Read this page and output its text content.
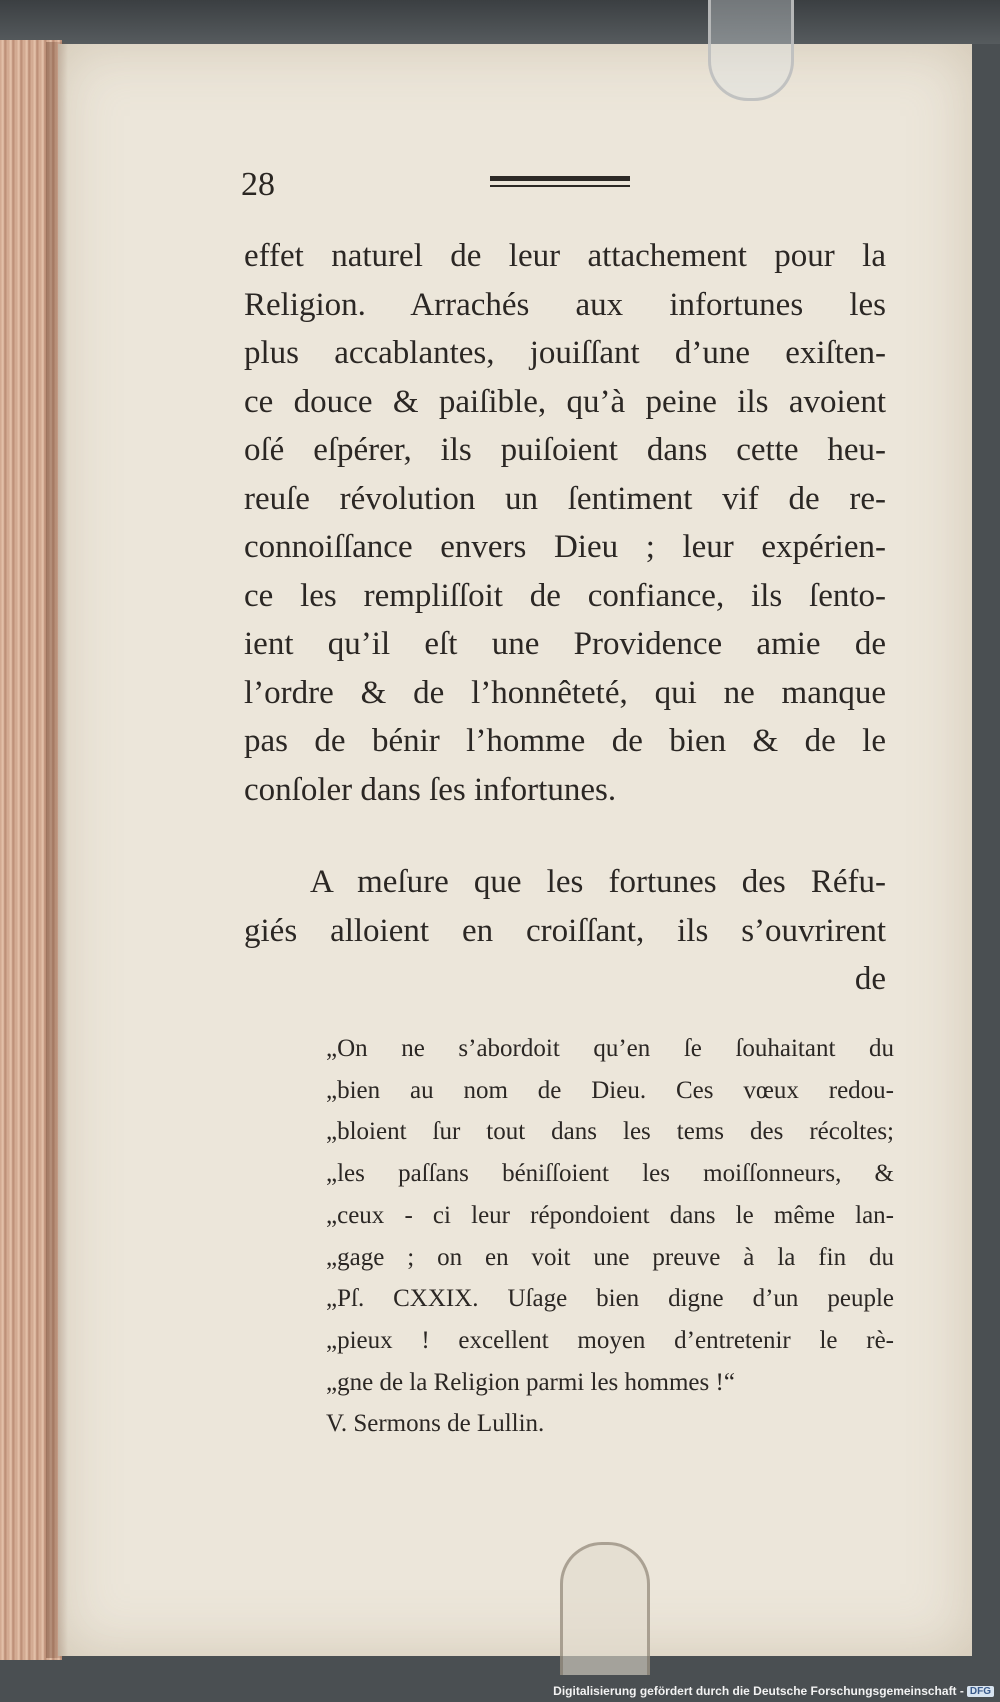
28

effet naturel de leur attachement pour la
Religion. Arrachés aux infortunes les
plus accablantes, jouiſſant d’une exiſten-
ce douce & paiſible, qu’à peine ils avoient
oſé eſpérer, ils puiſoient dans cette heu-
reuſe révolution un ſentiment vif de re-
connoiſſance envers Dieu ; leur expérien-
ce les rempliſſoit de confiance, ils ſento-
ient qu’il eſt une Providence amie de
l’ordre & de l’honnêteté, qui ne manque
pas de bénir l’homme de bien & de le
conſoler dans ſes infortunes.

A meſure que les fortunes des Réfu-
giés alloient en croiſſant, ils s’ouvrirent
de

„On ne s’abordoit qu’en ſe ſouhaitant du
„bien au nom de Dieu. Ces vœux redou-
„bloient ſur tout dans les tems des récoltes;
„les paſſans béniſſoient les moiſſonneurs, &
„ceux - ci leur répondoient dans le même lan-
„gage ; on en voit une preuve à la fin du
„Pſ. CXXIX. Uſage bien digne d’un peuple
„pieux ! excellent moyen d’entretenir le rè-
„gne de la Religion parmi les hommes !“
V. Sermons de Lullin.

Digitalisierung gefördert durch die Deutsche Forschungsgemeinschaft - DFG
